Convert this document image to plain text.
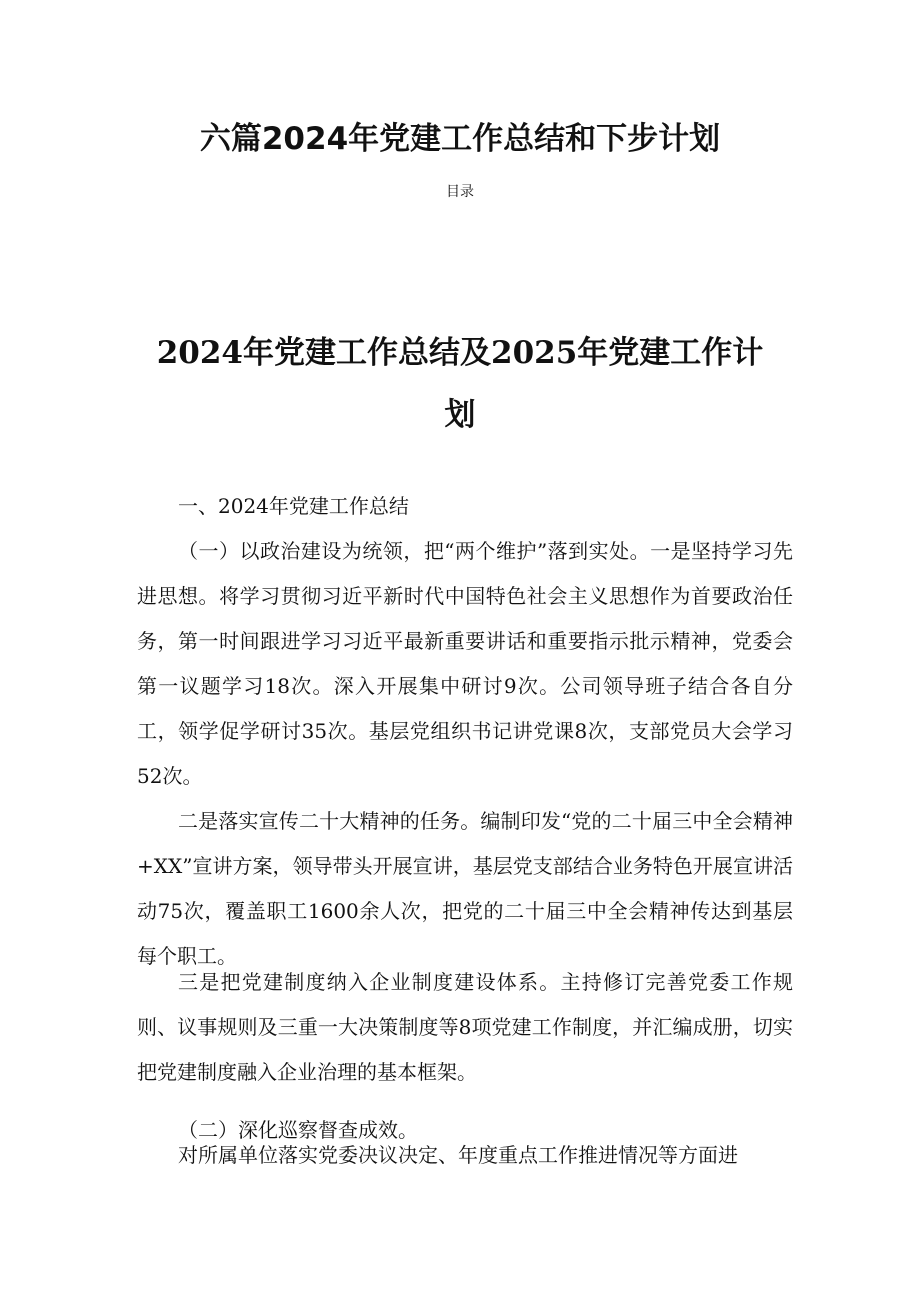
六篇2024年党建工作总结和下步计划

目录

2024年党建工作总结及2025年党建工作计划

一、2024年党建工作总结

（一）以政治建设为统领，把“两个维护”落到实处。一是坚持学习先进思想。将学习贯彻习近平新时代中国特色社会主义思想作为首要政治任务，第一时间跟进学习习近平最新重要讲话和重要指示批示精神，党委会第一议题学习18次。深入开展集中研讨9次。公司领导班子结合各自分工，领学促学研讨35次。基层党组织书记讲党课8次，支部党员大会学习52次。

二是落实宣传二十大精神的任务。编制印发“党的二十届三中全会精神+XX”宣讲方案，领导带头开展宣讲，基层党支部结合业务特色开展宣讲活动75次，覆盖职工1600余人次，把党的二十届三中全会精神传达到基层每个职工。

三是把党建制度纳入企业制度建设体系。主持修订完善党委工作规则、议事规则及三重一大决策制度等8项党建工作制度，并汇编成册，切实把党建制度融入企业治理的基本框架。

（二）深化巡察督查成效。

对所属单位落实党委决议决定、年度重点工作推进情况等方面进
